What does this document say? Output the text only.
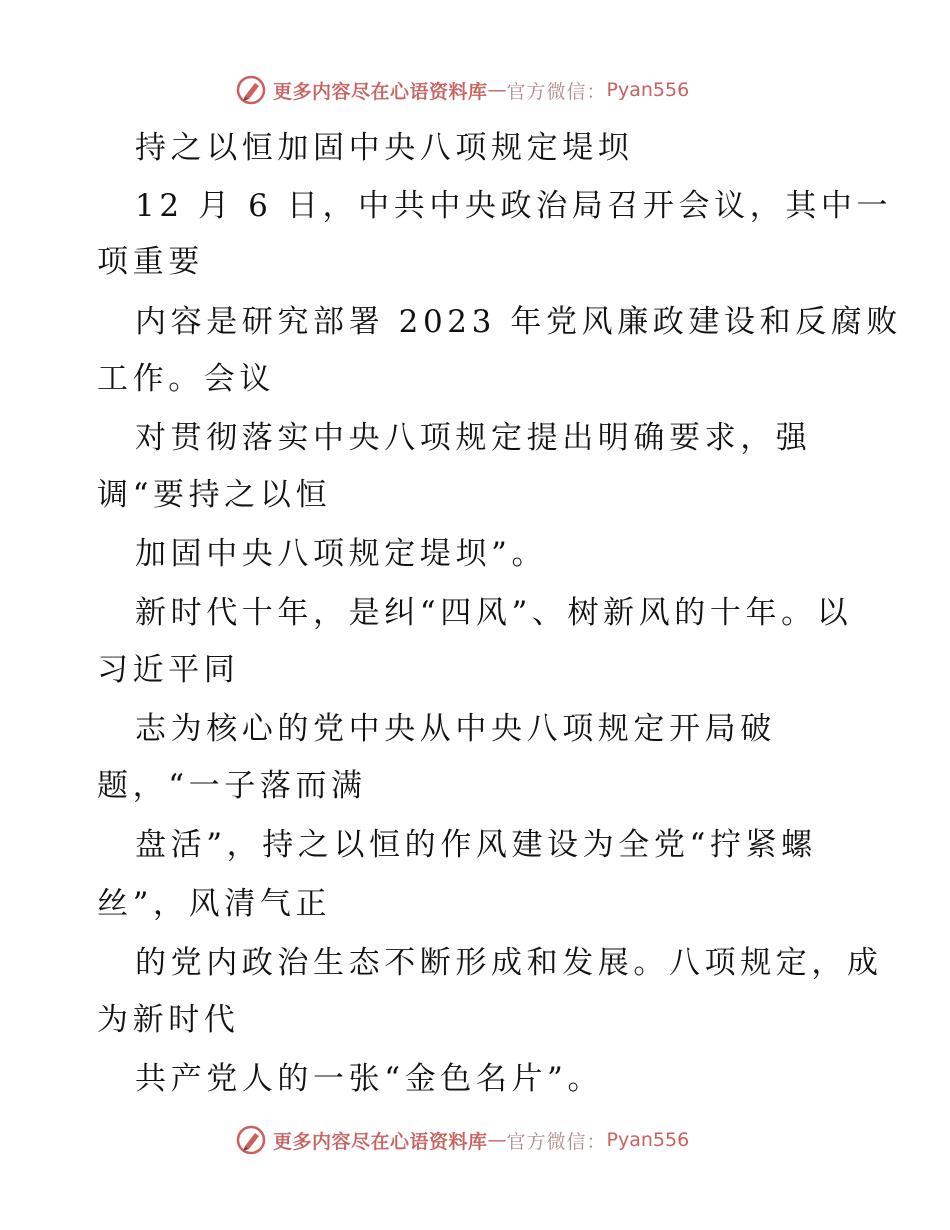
更多内容尽在心语资料库 — 官方微信： Pyan556
持之以恒加固中央八项规定堤坝
12 月 6 日，中共中央政治局召开会议，其中一
项重要
内容是研究部署 2023 年党风廉政建设和反腐败
工作。会议
对贯彻落实中央八项规定提出明确要求，强
调“要持之以恒
加固中央八项规定堤坝”。
新时代十年，是纠“四风”、树新风的十年。以
习近平同
志为核心的党中央从中央八项规定开局破
题，“一子落而满
盘活”，持之以恒的作风建设为全党“拧紧螺
丝”，风清气正
的党内政治生态不断形成和发展。八项规定，成
为新时代
共产党人的一张“金色名片”。
更多内容尽在心语资料库 — 官方微信： Pyan556
